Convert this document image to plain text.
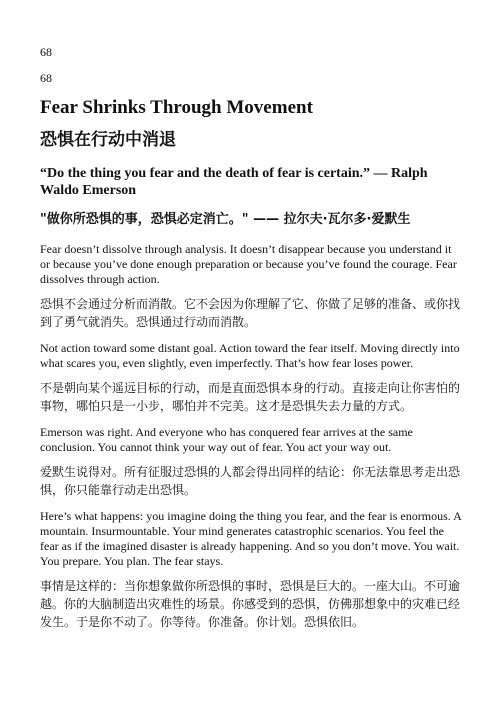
68

68

Fear Shrinks Through Movement
恐惧在行动中消退

“Do the thing you fear and the death of fear is certain.” — Ralph Waldo Emerson

"做你所恐惧的事，恐惧必定消亡。" —— 拉尔夫·瓦尔多·爱默生

Fear doesn’t dissolve through analysis. It doesn’t disappear because you understand it or because you’ve done enough preparation or because you’ve found the courage. Fear dissolves through action.

恐惧不会通过分析而消散。它不会因为你理解了它、你做了足够的准备、或你找到了勇气就消失。恐惧通过行动而消散。

Not action toward some distant goal. Action toward the fear itself. Moving directly into what scares you, even slightly, even imperfectly. That’s how fear loses power.

不是朝向某个遥远目标的行动，而是直面恐惧本身的行动。直接走向让你害怕的事物，哪怕只是一小步，哪怕并不完美。这才是恐惧失去力量的方式。

Emerson was right. And everyone who has conquered fear arrives at the same conclusion. You cannot think your way out of fear. You act your way out.

爱默生说得对。所有征服过恐惧的人都会得出同样的结论：你无法靠思考走出恐惧，你只能靠行动走出恐惧。

Here’s what happens: you imagine doing the thing you fear, and the fear is enormous. A mountain. Insurmountable. Your mind generates catastrophic scenarios. You feel the fear as if the imagined disaster is already happening. And so you don’t move. You wait. You prepare. You plan. The fear stays.

事情是这样的：当你想象做你所恐惧的事时，恐惧是巨大的。一座大山。不可逾越。你的大脑制造出灾难性的场景。你感受到的恐惧，仿佛那想象中的灾难已经发生。于是你不动了。你等待。你准备。你计划。恐惧依旧。
